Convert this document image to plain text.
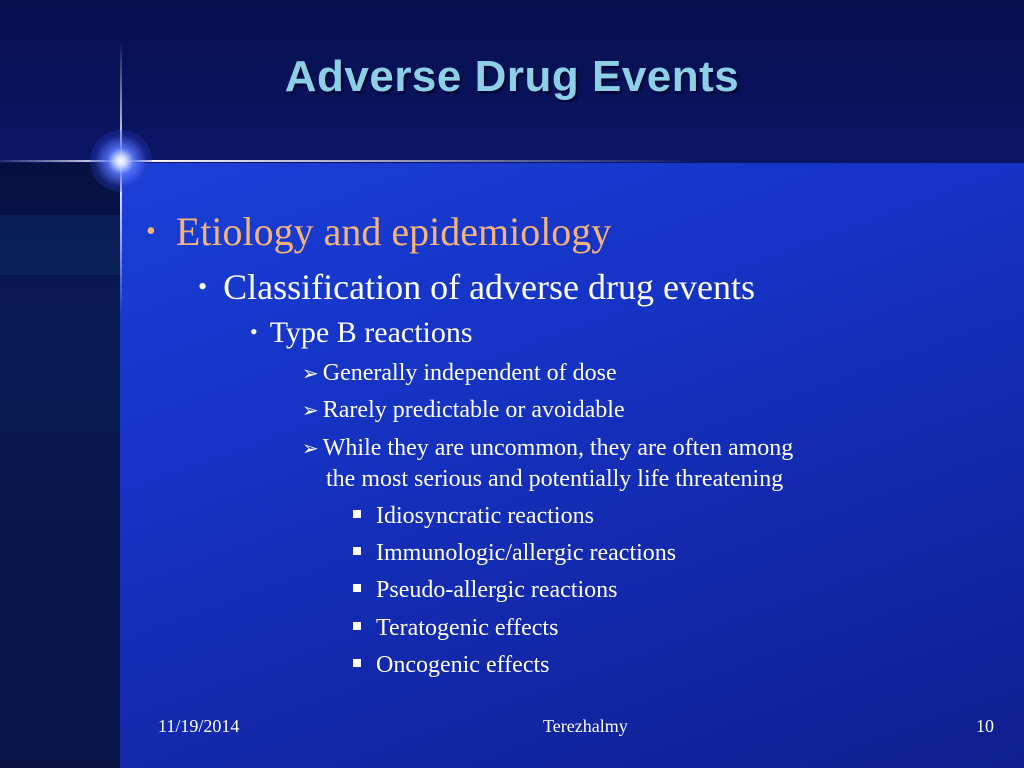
Adverse Drug Events
• Etiology and epidemiology
• Classification of adverse drug events
• Type B reactions
➢ Generally independent of dose
➢ Rarely predictable or avoidable
➢ While they are uncommon, they are often among
the most serious and potentially life threatening
Idiosyncratic reactions
Immunologic/allergic reactions
Pseudo-allergic reactions
Teratogenic effects
Oncogenic effects
11/19/2014	Terezhalmy	10
